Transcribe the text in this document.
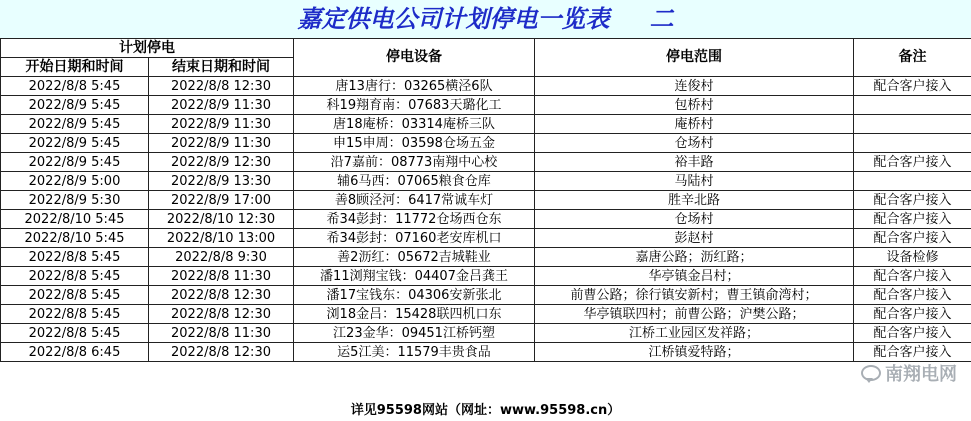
嘉定供电公司计划停电一览表 二
计划停电		停电设备	停电范围	备注
开始日期和时间	结束日期和时间			
2022/8/8 5:45	2022/8/8 12:30	唐13唐行：03265横泾6队	连俊村	配合客户接入
2022/8/9 5:45	2022/8/9 11:30	科19翔育南：07683天璐化工	包桥村	
2022/8/9 5:45	2022/8/9 11:30	唐18庵桥：03314庵桥三队	庵桥村	
2022/8/9 5:45	2022/8/9 11:30	申15申周：03598仓场五金	仓场村	
2022/8/9 5:45	2022/8/9 12:30	沿7嘉前：08773南翔中心校	裕丰路	配合客户接入
2022/8/9 5:00	2022/8/9 13:30	辅6马西：07065粮食仓库	马陆村	
2022/8/9 5:30	2022/8/9 17:00	善8顾泾河：6417常诚车灯	胜辛北路	配合客户接入
2022/8/10 5:45	2022/8/10 12:30	希34彭封：11772仓场西仓东	仓场村	配合客户接入
2022/8/10 5:45	2022/8/10 13:00	希34彭封：07160老安库机口	彭赵村	配合客户接入
2022/8/8 5:45	2022/8/8 9:30	善2沥红：05672吉城鞋业	嘉唐公路；沥红路；	设备检修
2022/8/8 5:45	2022/8/8 11:30	潘11浏翔宝钱：04407金吕龚王	华亭镇金吕村；	配合客户接入
2022/8/8 5:45	2022/8/8 12:30	潘17宝钱东：04306安新张北	前曹公路；徐行镇安新村；曹王镇俞湾村；	配合客户接入
2022/8/8 5:45	2022/8/8 12:30	浏18金吕：15428联四机口东	华亭镇联四村；前曹公路；沪樊公路；	配合客户接入
2022/8/8 5:45	2022/8/8 11:30	江23金华：09451江桥钙塑	江桥工业园区发祥路；	配合客户接入
2022/8/8 6:45	2022/8/8 12:30	运5江美：11579丰贵食品	江桥镇爱特路；	配合客户接入
南翔电网
详见95598网站（网址：www.95598.cn）
